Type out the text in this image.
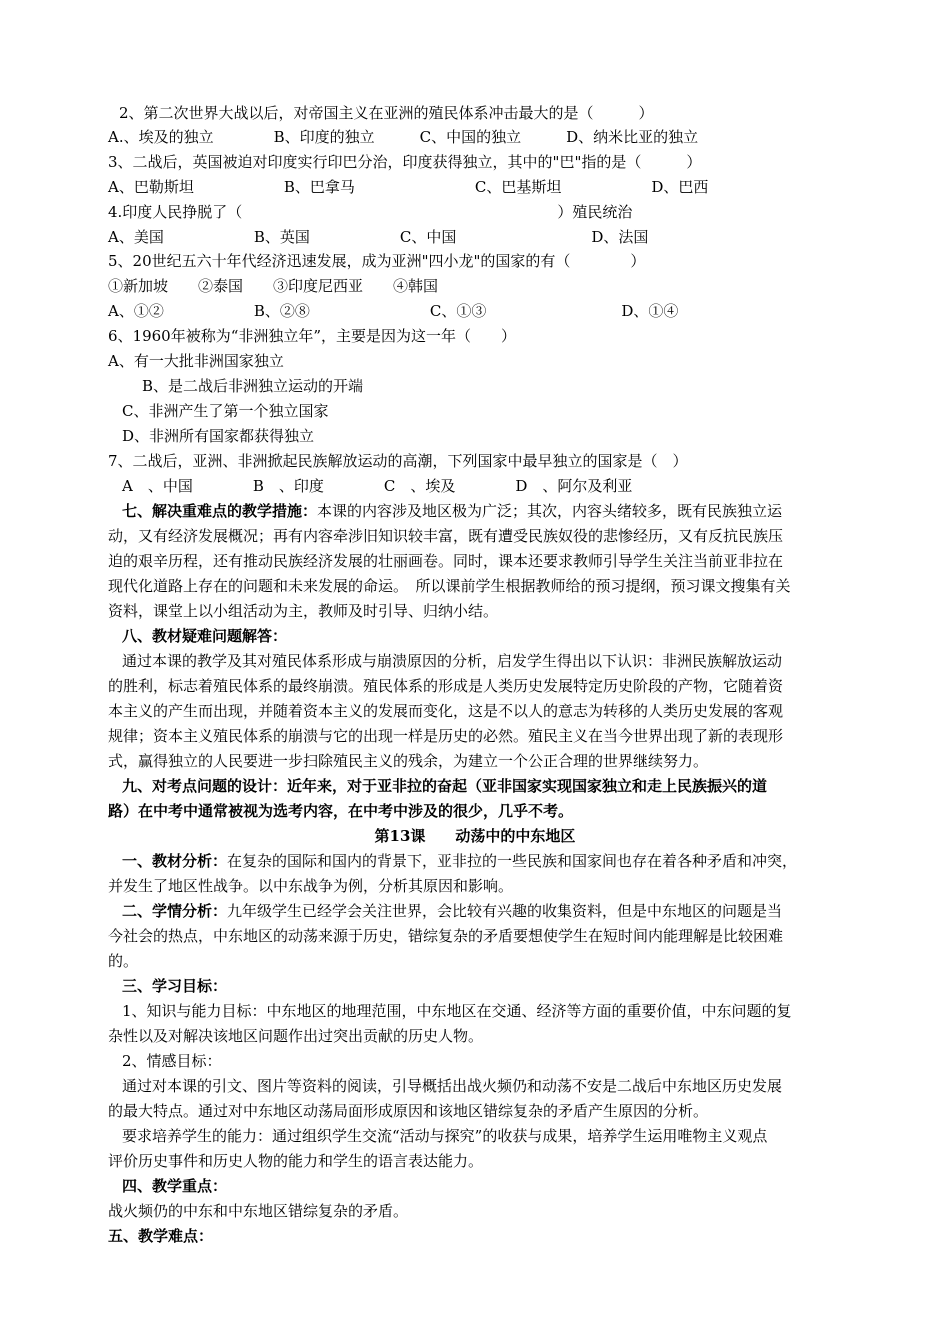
2、第二次世界大战以后，对帝国主义在亚洲的殖民体系冲击最大的是（　　　）
A.、埃及的独立　　　　B、印度的独立　　　C、中国的独立　　　D、纳米比亚的独立
3、二战后，英国被迫对印度实行印巴分治，印度获得独立，其中的"巴"指的是（　　　）
A、巴勒斯坦　　　　　　B、巴拿马　　　　　　　　C、巴基斯坦　　　　　　D、巴西
4.印度人民挣脱了（　　　　　　　　　　　　　　　　　　　　　）殖民统治
A、美国　　　　　　B、英国　　　　　　C、中国　　　　　　　　　D、法国
5、20世纪五六十年代经济迅速发展，成为亚洲"四小龙"的国家的有（　　　　）
①新加坡　　②泰国　　③印度尼西亚　　④韩国
A、①②　　　　　　B、②⑧　　　　　　　　C、①③　　　　　　　　　D、①④
6、1960年被称为“非洲独立年”，主要是因为这一年（　　）
A、有一大批非洲国家独立
B、是二战后非洲独立运动的开端
C、非洲产生了第一个独立国家
D、非洲所有国家都获得独立
7、二战后，亚洲、非洲掀起民族解放运动的高潮，下列国家中最早独立的国家是（　）
A　、中国　　　　B　、印度　　　　C　、埃及　　　　D　、阿尔及利亚
七、解决重难点的教学措施：本课的内容涉及地区极为广泛；其次，内容头绪较多，既有民族独立运
动，又有经济发展概况；再有内容牵涉旧知识较丰富，既有遭受民族奴役的悲惨经历，又有反抗民族压
迫的艰辛历程，还有推动民族经济发展的壮丽画卷。同时，课本还要求教师引导学生关注当前亚非拉在
现代化道路上存在的问题和未来发展的命运。　所以课前学生根据教师给的预习提纲，预习课文搜集有关
资料，课堂上以小组活动为主，教师及时引导、归纳小结。
八、教材疑难问题解答：
通过本课的教学及其对殖民体系形成与崩溃原因的分析，启发学生得出以下认识：非洲民族解放运动
的胜利，标志着殖民体系的最终崩溃。殖民体系的形成是人类历史发展特定历史阶段的产物，它随着资
本主义的产生而出现，并随着资本主义的发展而变化，这是不以人的意志为转移的人类历史发展的客观
规律；资本主义殖民体系的崩溃与它的出现一样是历史的必然。殖民主义在当今世界出现了新的表现形
式，赢得独立的人民要进一步扫除殖民主义的残余，为建立一个公正合理的世界继续努力。
九、对考点问题的设计：近年来，对于亚非拉的奋起（亚非国家实现国家独立和走上民族振兴的道
路）在中考中通常被视为选考内容，在中考中涉及的很少，几乎不考。
第13课　　动荡中的中东地区
一、教材分析：在复杂的国际和国内的背景下，亚非拉的一些民族和国家间也存在着各种矛盾和冲突，
并发生了地区性战争。以中东战争为例，分析其原因和影响。
二、学情分析：九年级学生已经学会关注世界，会比较有兴趣的收集资料，但是中东地区的问题是当
今社会的热点，中东地区的动荡来源于历史，错综复杂的矛盾要想使学生在短时间内能理解是比较困难
的。
三、学习目标：
1、知识与能力目标：中东地区的地理范围，中东地区在交通、经济等方面的重要价值，中东问题的复
杂性以及对解决该地区问题作出过突出贡献的历史人物。
2、情感目标：
通过对本课的引文、图片等资料的阅读，引导概括出战火频仍和动荡不安是二战后中东地区历史发展
的最大特点。通过对中东地区动荡局面形成原因和该地区错综复杂的矛盾产生原因的分析。
要求培养学生的能力：通过组织学生交流“活动与探究”的收获与成果，培养学生运用唯物主义观点
评价历史事件和历史人物的能力和学生的语言表达能力。
四、教学重点：
战火频仍的中东和中东地区错综复杂的矛盾。
五、教学难点：
